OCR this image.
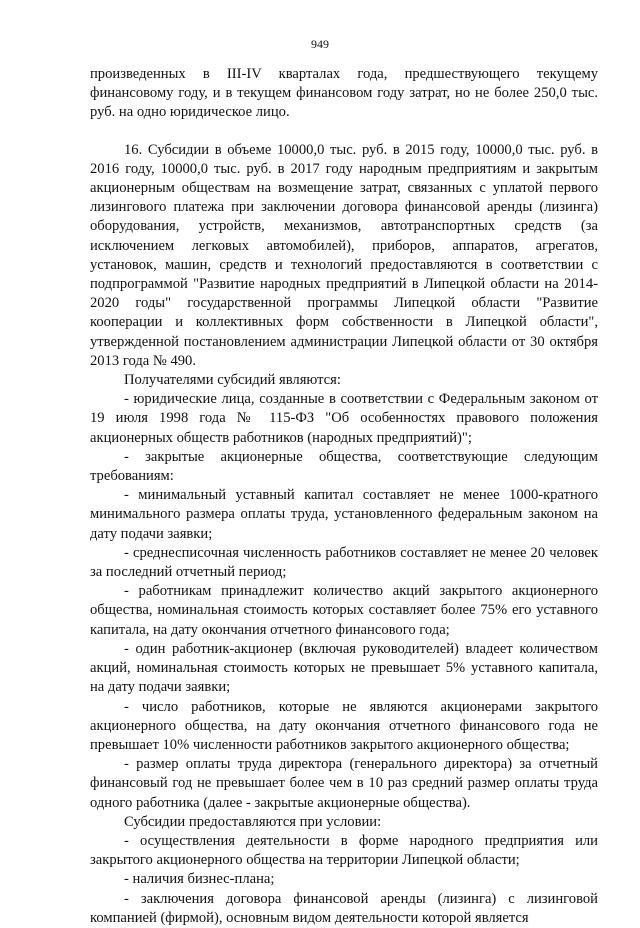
949

произведенных в III-IV кварталах года, предшествующего текущему финансовому году, и в текущем финансовом году затрат, но не более 250,0 тыс. руб. на одно юридическое лицо.

16. Субсидии в объеме 10000,0 тыс. руб. в 2015 году, 10000,0 тыс. руб. в 2016 году, 10000,0 тыс. руб. в 2017 году народным предприятиям и закрытым акционерным обществам на возмещение затрат, связанных с уплатой первого лизингового платежа при заключении договора финансовой аренды (лизинга) оборудования, устройств, механизмов, автотранспортных средств (за исключением легковых автомобилей), приборов, аппаратов, агрегатов, установок, машин, средств и технологий предоставляются в соответствии с подпрограммой "Развитие народных предприятий в Липецкой области на 2014-2020 годы" государственной программы Липецкой области "Развитие кооперации и коллективных форм собственности в Липецкой области", утвержденной постановлением администрации Липецкой области от 30 октября 2013 года № 490.

Получателями субсидий являются:

- юридические лица, созданные в соответствии с Федеральным законом от 19 июля 1998 года № 115-ФЗ "Об особенностях правового положения акционерных обществ работников (народных предприятий)";

- закрытые акционерные общества, соответствующие следующим требованиям:

- минимальный уставный капитал составляет не менее 1000-кратного минимального размера оплаты труда, установленного федеральным законом на дату подачи заявки;

- среднесписочная численность работников составляет не менее 20 человек за последний отчетный период;

- работникам принадлежит количество акций закрытого акционерного общества, номинальная стоимость которых составляет более 75% его уставного капитала, на дату окончания отчетного финансового года;

- один работник-акционер (включая руководителей) владеет количеством акций, номинальная стоимость которых не превышает 5% уставного капитала, на дату подачи заявки;

- число работников, которые не являются акционерами закрытого акционерного общества, на дату окончания отчетного финансового года не превышает 10% численности работников закрытого акционерного общества;

- размер оплаты труда директора (генерального директора) за отчетный финансовый год не превышает более чем в 10 раз средний размер оплаты труда одного работника (далее - закрытые акционерные общества).

Субсидии предоставляются при условии:

- осуществления деятельности в форме народного предприятия или закрытого акционерного общества на территории Липецкой области;

- наличия бизнес-плана;

- заключения договора финансовой аренды (лизинга) с лизинговой компанией (фирмой), основным видом деятельности которой является
